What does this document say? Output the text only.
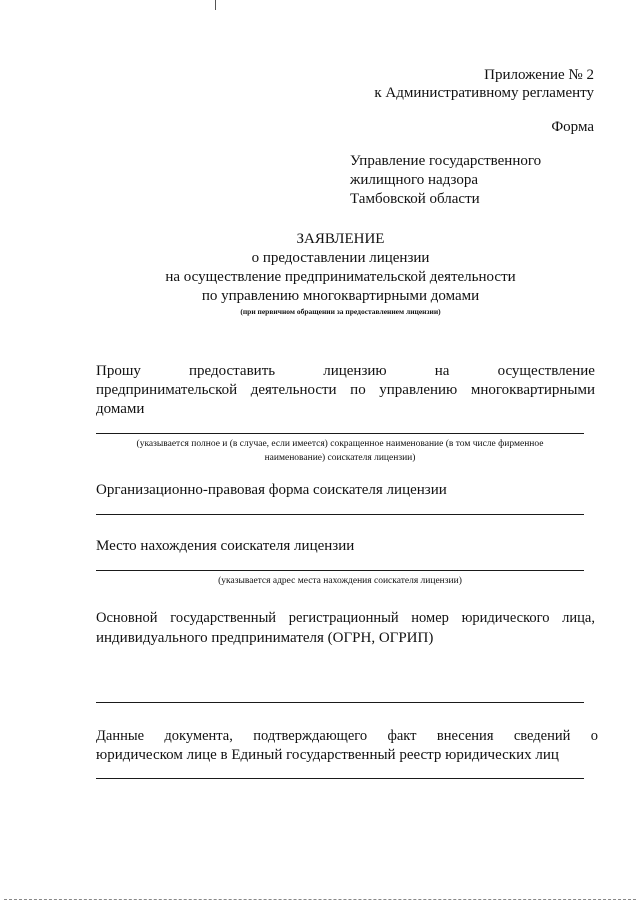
Приложение № 2
к Административному регламенту
Форма
Управление государственного
жилищного надзора
Тамбовской области
ЗАЯВЛЕНИЕ
о предоставлении лицензии
на осуществление предпринимательской деятельности
по управлению многоквартирными домами
(при первичном обращении за предоставлением лицензии)
Прошу	предоставить	лицензию	на	осуществление
предпринимательской деятельности по управлению многоквартирными
домами
(указывается полное и (в случае, если имеется) сокращенное наименование (в том числе фирменное
наименование) соискателя лицензии)
Организационно-правовая форма соискателя лицензии
Место нахождения соискателя лицензии
(указывается адрес места нахождения соискателя лицензии)
Основной государственный регистрационный номер юридического лица,
индивидуального предпринимателя (ОГРН, ОГРИП)
Данные документа, подтверждающего факт внесения сведений о
юридическом лице в Единый государственный реестр юридических лиц
